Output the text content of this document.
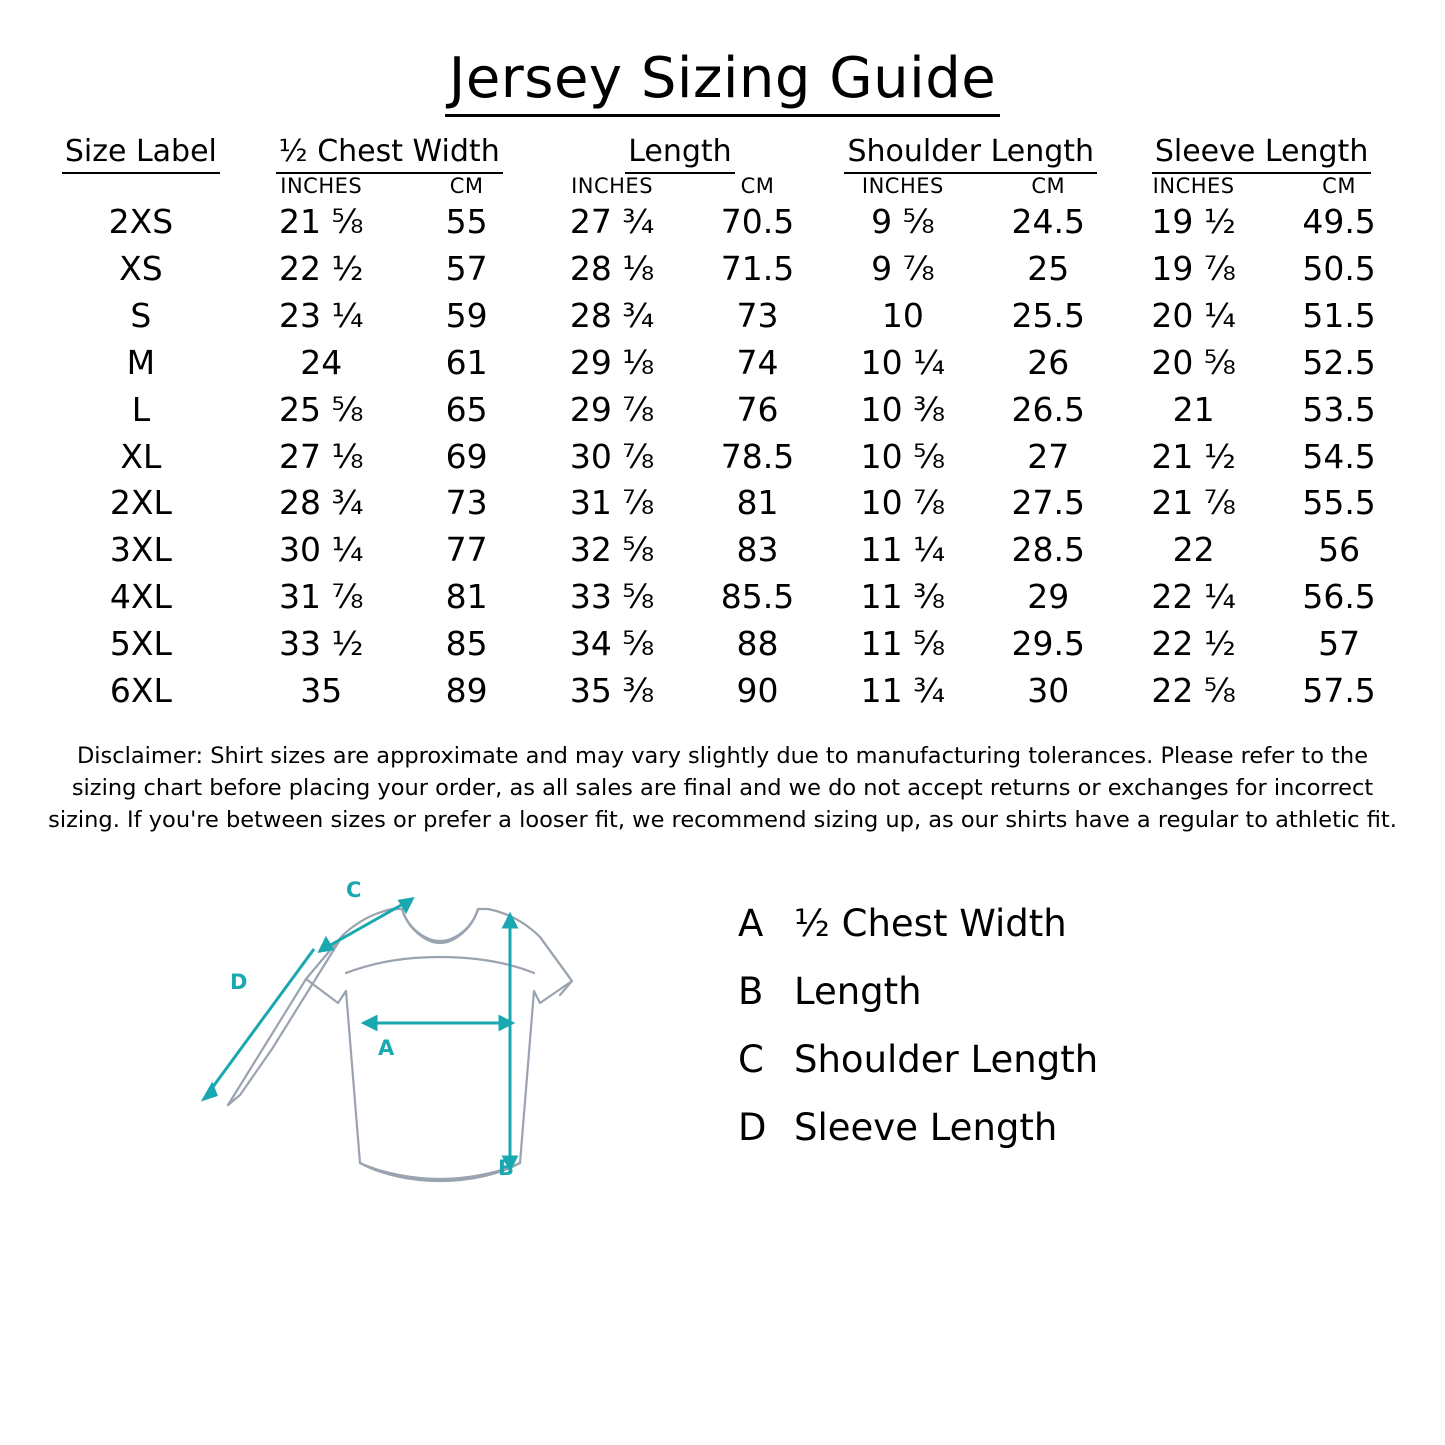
Jersey Sizing Guide
Size Label	½ Chest Width		Length		Shoulder Length		Sleeve Length	
	INCHES	CM	INCHES	CM	INCHES	CM	INCHES	CM
2XS	21 ⅝	55	27 ¾	70.5	9 ⅝	24.5	19 ½	49.5
XS	22 ½	57	28 ⅛	71.5	9 ⅞	25	19 ⅞	50.5
S	23 ¼	59	28 ¾	73	10	25.5	20 ¼	51.5
M	24	61	29 ⅛	74	10 ¼	26	20 ⅝	52.5
L	25 ⅝	65	29 ⅞	76	10 ⅜	26.5	21	53.5
XL	27 ⅛	69	30 ⅞	78.5	10 ⅝	27	21 ½	54.5
2XL	28 ¾	73	31 ⅞	81	10 ⅞	27.5	21 ⅞	55.5
3XL	30 ¼	77	32 ⅝	83	11 ¼	28.5	22	56
4XL	31 ⅞	81	33 ⅝	85.5	11 ⅜	29	22 ¼	56.5
5XL	33 ½	85	34 ⅝	88	11 ⅝	29.5	22 ½	57
6XL	35	89	35 ⅜	90	11 ¾	30	22 ⅝	57.5
Disclaimer: Shirt sizes are approximate and may vary slightly due to manufacturing tolerances. Please refer to the sizing chart before placing your order, as all sales are final and we do not accept returns or exchanges for incorrect sizing. If you're between sizes or prefer a looser fit, we recommend sizing up, as our shirts have a regular to athletic fit.
A
B
C
D
A ½ Chest Width
B Length
C Shoulder Length
D Sleeve Length
